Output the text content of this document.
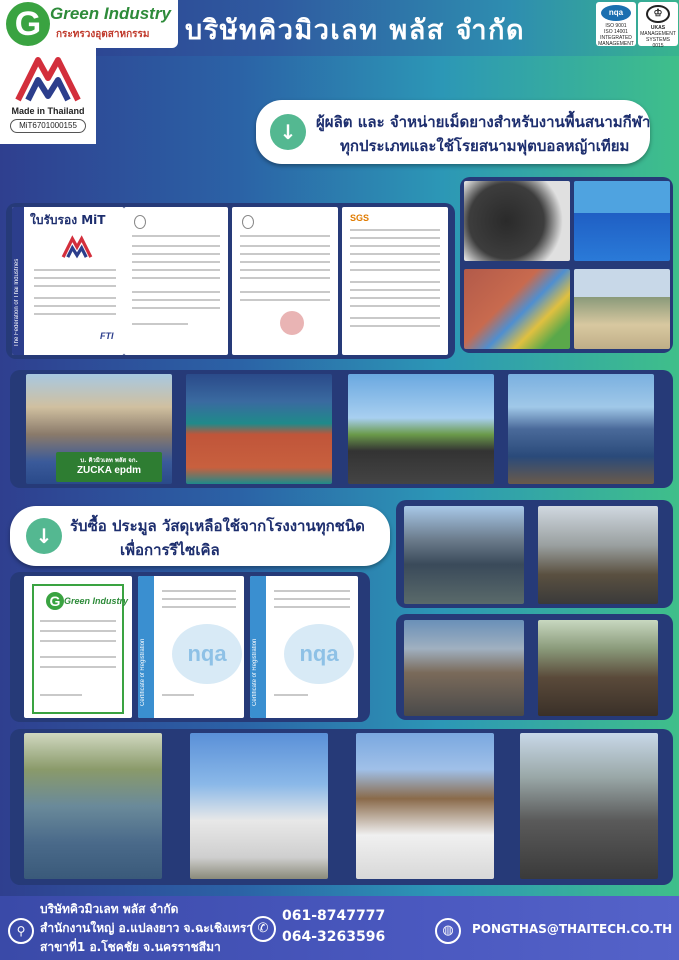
G Green Industry
กระทรวงอุตสาหกรรม บริษัทคิวมิวเลท พลัส จำกัด
nqa
ISO 9001
ISO 14001
INTEGRATED
MANAGEMENT
♔
UKAS
MANAGEMENT
SYSTEMS
0015
Made in Thailand
MiT6701000155	↓	ผู้ผลิต และ จำหน่ายเม็ดยางสำหรับงานพื้นสนามกีฬา
ทุกประเภทและใช้โรยสนามฟุตบอลหญ้าเทียม
The Federation of Thai Industries
ใบรับรอง MiT
FTI
SGS
บ. คิวมิวเลท พลัส จก.
ZUCKA epdm
↓	รับซื้อ ประมูล วัสดุเหลือใช้จากโรงงานทุกชนิด
เพื่อการรีไซเคิล
G Green Industry
Certificate of Registration	nqa	Certificate of Registration	nqa
⚲
บริษัทคิวมิวเลท พลัส จำกัด
สำนักงานใหญ่ อ.แปลงยาว จ.ฉะเชิงเทรา
สาขาที่1 อ.โชคชัย จ.นครราชสีมา
✆
061-8747777
064-3263596	◍	PONGTHAS@THAITECH.CO.TH
